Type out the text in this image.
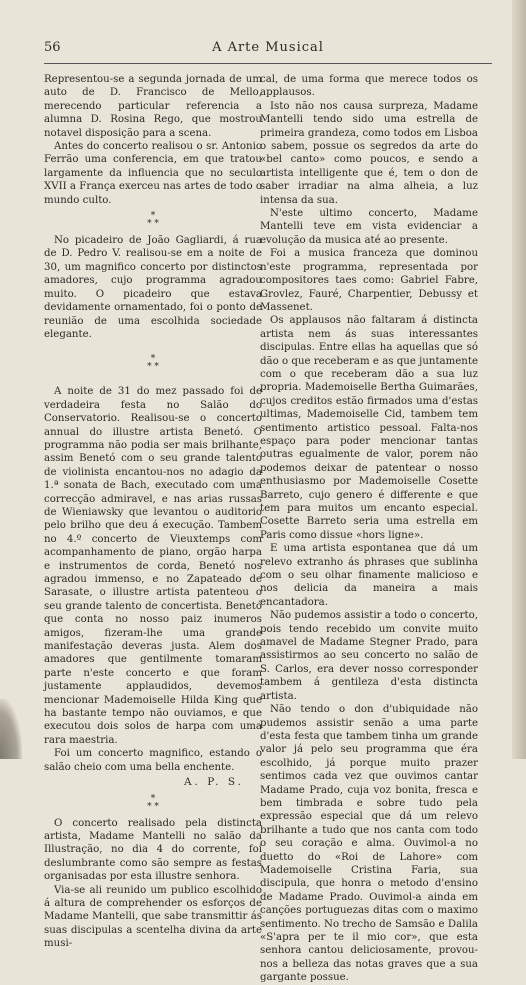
56	A Arte Musical

Representou-se a segunda jornada de um auto de D. Francisco de Mello, merecendo particular referencia a alumna D. Rosina Rego, que mostrou notavel disposição para a scena.

Antes do concerto realisou o sr. Antonio Ferrão uma conferencia, em que tratou largamente da influencia que no seculo XVII a França exerceu nas artes de todo o mundo culto.

*
* *

No picadeiro de João Gagliardi, á rua de D. Pedro V. realisou-se em a noite de 30, um magnifico concerto por distinctos amadores, cujo programma agradou muito. O picadeiro que estava devidamente ornamentado, foi o ponto de reunião de uma escolhida sociedade elegante.

*
* *

A noite de 31 do mez passado foi de verdadeira festa no Salão do Conservatorio. Realisou-se o concerto annual do illustre artista Benetó. O programma não podia ser mais brilhante, assim Benetó com o seu grande talento de violinista encantou-nos no adagio da 1.ª sonata de Bach, executado com uma correcção admiravel, e nas arias russas de Wieniawsky que levantou o auditorio pelo brilho que deu á execução. Tambem no 4.º concerto de Vieuxtemps com acompanhamento de piano, orgão harpa e instrumentos de corda, Benetó nos agradou immenso, e no Zapateado de Sarasate, o illustre artista patenteou o seu grande talento de concertista. Benetó que conta no nosso paiz inumeros amigos, fizeram-lhe uma grande manifestação deveras justa. Alem dos amadores que gentilmente tomaram parte n'este concerto e que foram justamente applaudidos, devemos mencionar Mademoiselle Hilda King que ha bastante tempo não ouviamos, e que executou dois solos de harpa com uma rara maestria.

Foi um concerto magnifico, estando o salão cheio com uma bella enchente.

A. P. S.
*
* *

O concerto realisado pela distincta artista, Madame Mantelli no salão da Illustração, no dia 4 do corrente, foi deslumbrante como são sempre as festas organisadas por esta illustre senhora.

Via-se ali reunido um publico escolhido á altura de comprehender os esforços de Madame Mantelli, que sabe transmittir ás suas discipulas a scentelha divina da arte musi-

cal, de uma forma que merece todos os applausos.

Isto não nos causa surpreza, Madame Mantelli tendo sido uma estrella de primeira grandeza, como todos em Lisboa o sabem, possue os segredos da arte do «bel canto» como poucos, e sendo a artista intelligente que é, tem o don de saber irradiar na alma alheia, a luz intensa da sua.

N'este ultimo concerto, Madame Mantelli teve em vista evidenciar a evolução da musica até ao presente.

Foi a musica franceza que dominou n'este programma, representada por compositores taes como: Gabriel Fabre, Grovlez, Fauré, Charpentier, Debussy et Massenet.

Os applausos não faltaram á distincta artista nem ás suas interessantes discipulas. Entre ellas ha aquellas que só dão o que receberam e as que juntamente com o que receberam dão a sua luz propria. Mademoiselle Bertha Guimarães, cujos creditos estão firmados uma d'estas ultimas, Mademoiselle Cid, tambem tem sentimento artistico pessoal. Falta-nos espaço para poder mencionar tantas outras egualmente de valor, porem não podemos deixar de patentear o nosso enthusiasmo por Mademoiselle Cosette Barreto, cujo genero é differente e que tem para muitos um encanto especial. Cosette Barreto seria uma estrella em Paris como dissue «hors ligne».

E uma artista espontanea que dá um relevo extranho ás phrases que sublinha com o seu olhar finamente malicioso e nos delicia da maneira a mais encantadora.

Não pudemos assistir a todo o concerto, pois tendo recebido um convite muito amavel de Madame Stegner Prado, para assistirmos ao seu concerto no salão de S. Carlos, era dever nosso corresponder tambem á gentileza d'esta distincta artista.

Não tendo o don d'ubiquidade não pudemos assistir senão a uma parte d'esta festa que tambem tinha um grande valor já pelo seu programma que éra escolhido, já porque muito prazer sentimos cada vez que ouvimos cantar Madame Prado, cuja voz bonita, fresca e bem timbrada e sobre tudo pela expressão especial que dá um relevo brilhante a tudo que nos canta com todo o seu coração e alma. Ouvimol-a no duetto do «Roi de Lahore» com Mademoiselle Cristina Faria, sua discipula, que honra o metodo d'ensino de Madame Prado. Ouvimol-a ainda em canções portuguezas ditas com o maximo sentimento. No trecho de Samsão e Dalila «S'apra per te il mio cor», que esta senhora cantou deliciosamente, provou-nos a belleza das notas graves que a sua gargante possue.
